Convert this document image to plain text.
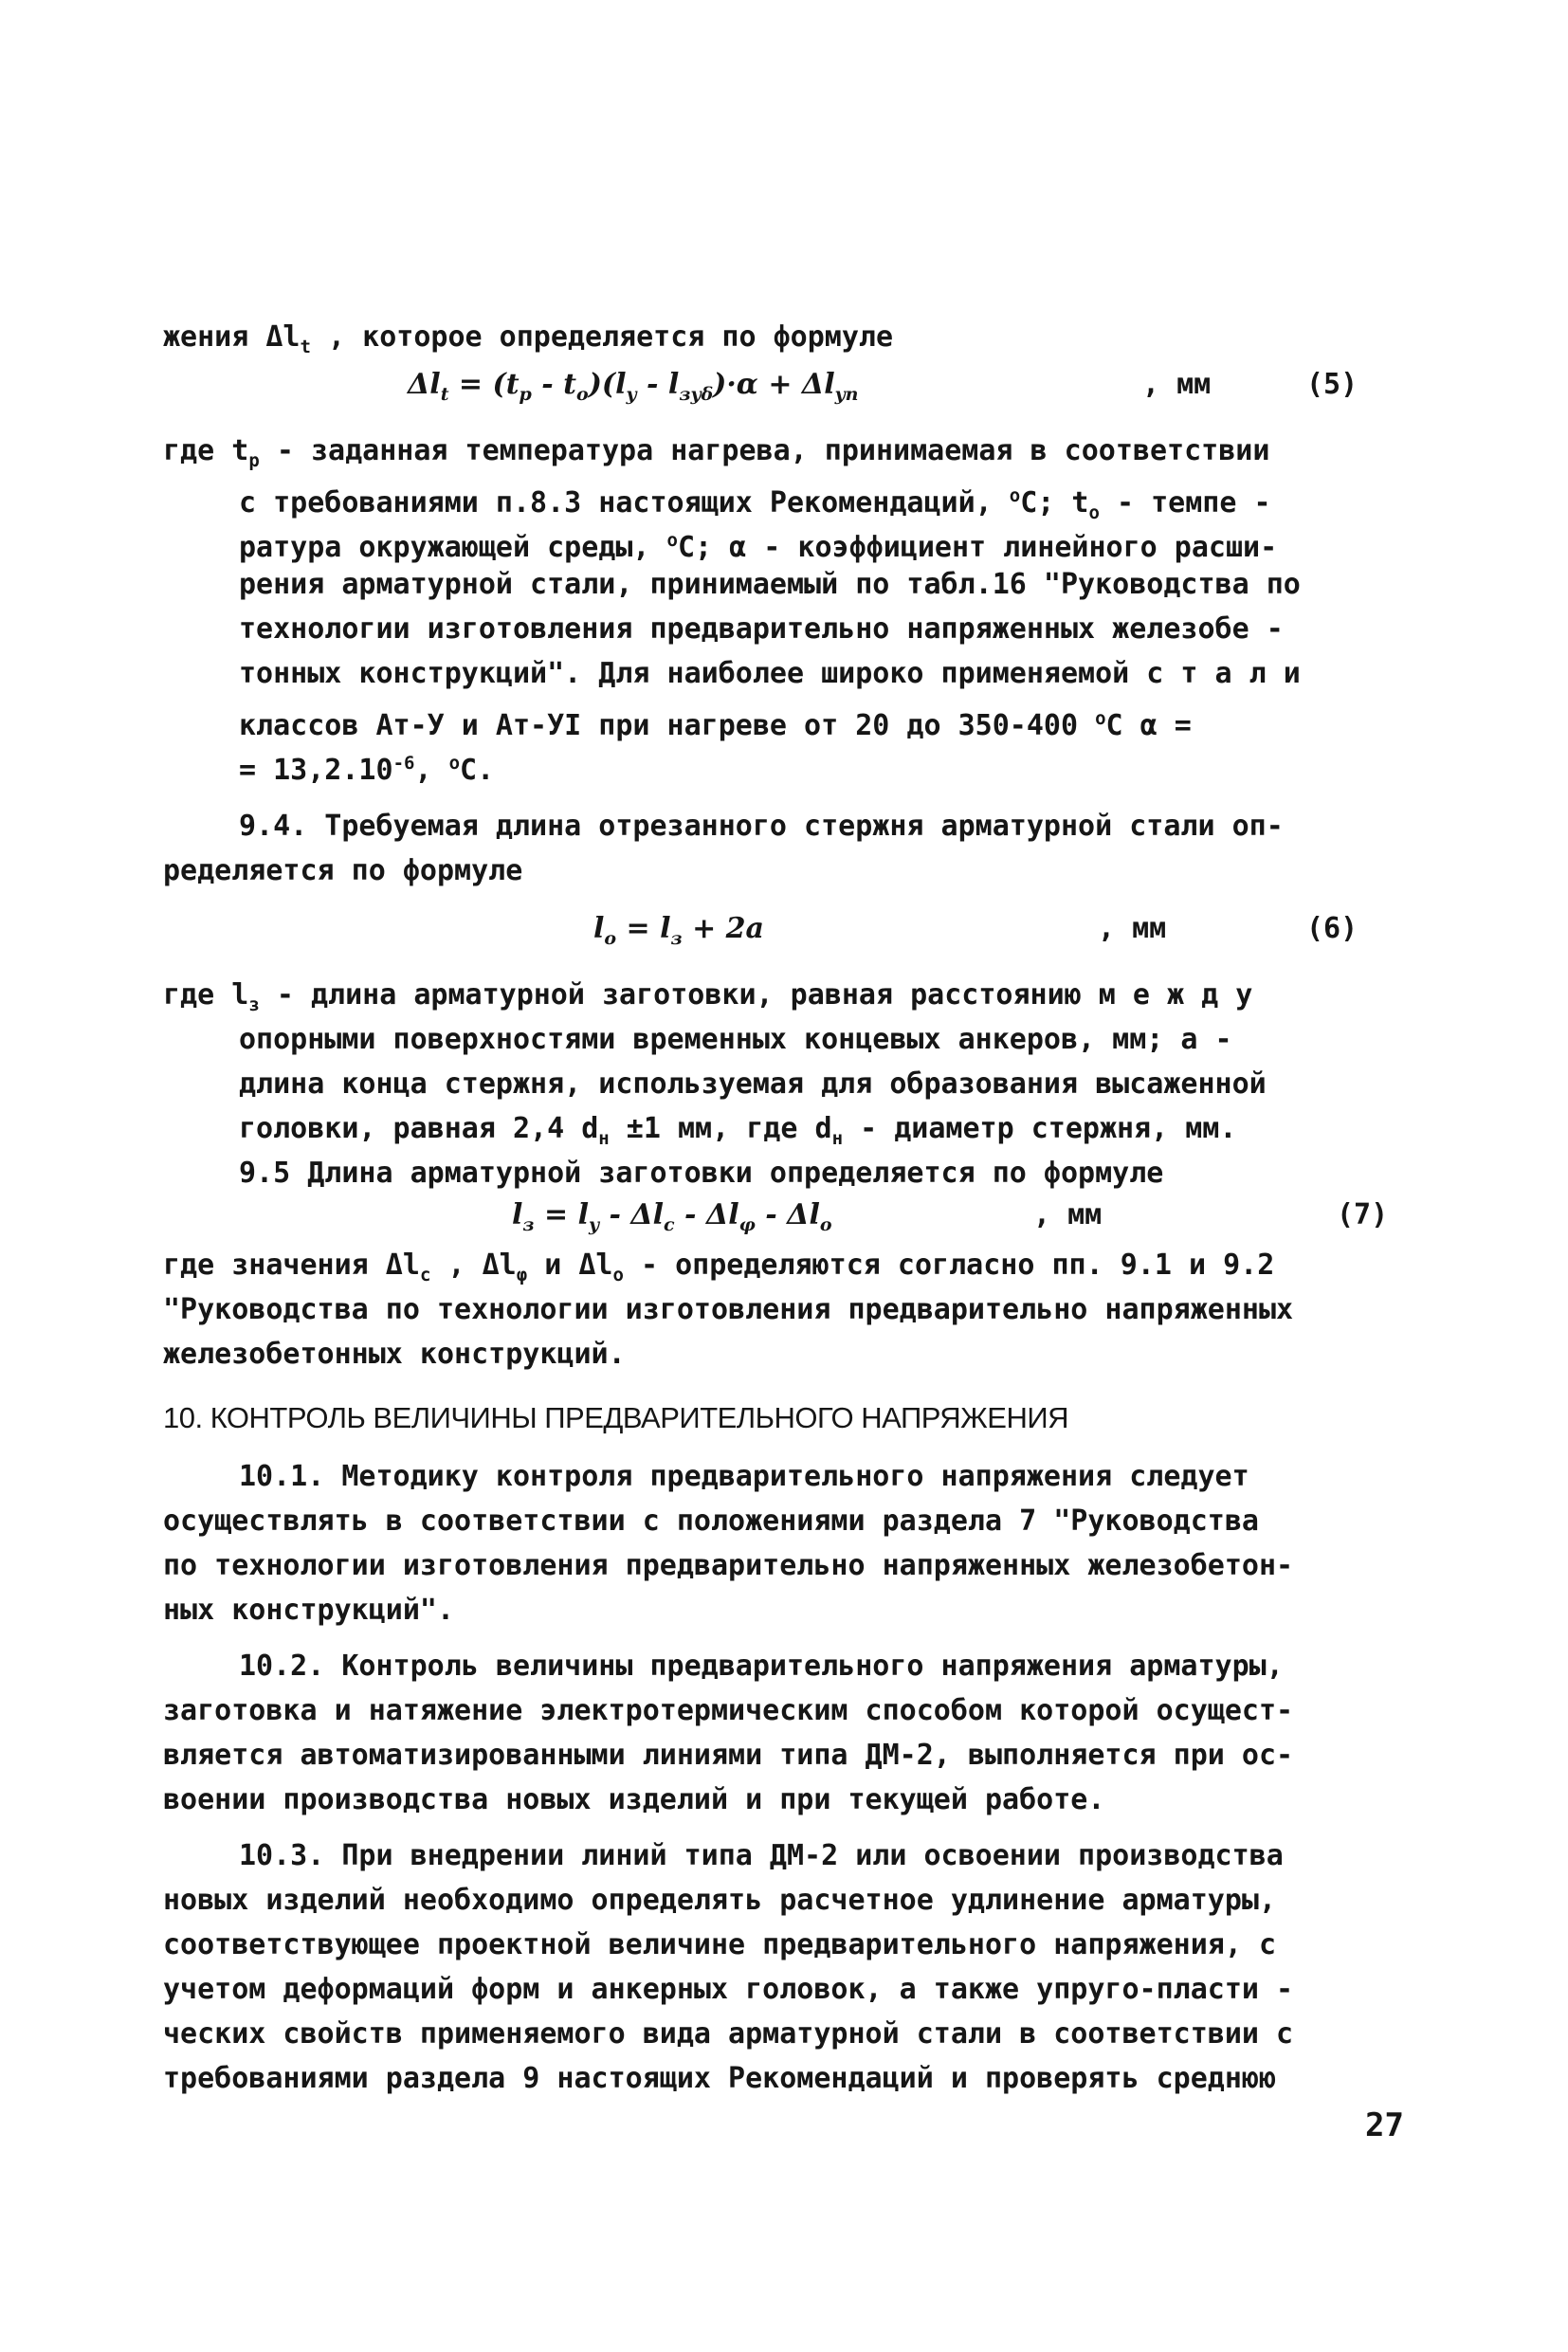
жения $\Delta l_t$ , которое определяется по формуле
$\Delta l_t = (t_p - t_o)(l_y - l_{зy\delta})\cdot\alpha + \Delta l_{yn}$	, мм	(5)
где $t_p$ - заданная температура нагрева, принимаемая в соответствии
с требованиями п.8.3 настоящих Рекомендаций, $^o$C; $t_o$ - темпе -
ратура окружающей среды, $^o$C; α - коэффициент линейного расши-
рения арматурной стали, принимаемый по табл.16 "Руководства по
технологии изготовления предварительно напряженных железобе -
тонных конструкций". Для наиболее широко применяемой с т а л и
классов Ат-У и Ат-УI при нагреве от 20 до 350-400 $^o$C α =
= $13,2.10^{-6}$, $^o$C.
9.4. Требуемая длина отрезанного стержня арматурной стали оп-
ределяется по формуле
$l_o = l_з + 2a$	, мм	(6)
где $l_з$ - длина арматурной заготовки, равная расстоянию м е ж д у
опорными поверхностями временных концевых анкеров, мм; a -
длина конца стержня, используемая для образования высаженной
головки, равная 2,4 $d_н \pm 1$ мм, где $d_н$ - диаметр стержня, мм.
9.5 Длина арматурной заготовки определяется по формуле
$l_з = l_y - \Delta l_c - \Delta l_\varphi - \Delta l_o$	, мм	(7)
где значения $\Delta l_c$ , $\Delta l_\varphi$ и $\Delta l_o$ - определяются согласно пп. 9.1 и 9.2
"Руководства по технологии изготовления предварительно напряженных
железобетонных конструкций.
10. КОНТРОЛЬ ВЕЛИЧИНЫ ПРЕДВАРИТЕЛЬНОГО НАПРЯЖЕНИЯ
10.1. Методику контроля предварительного напряжения следует
осуществлять в соответствии с положениями раздела 7 "Руководства
по технологии изготовления предварительно напряженных железобетон-
ных конструкций".
10.2. Контроль величины предварительного напряжения арматуры,
заготовка и натяжение электротермическим способом которой осущест-
вляется автоматизированными линиями типа ДМ-2, выполняется при ос-
воении производства новых изделий и при текущей работе.
10.3. При внедрении линий типа ДМ-2 или освоении производства
новых изделий необходимо определять расчетное удлинение арматуры,
соответствующее проектной величине предварительного напряжения, с
учетом деформаций форм и анкерных головок, а также упруго-пласти -
ческих свойств применяемого вида арматурной стали в соответствии с
требованиями раздела 9 настоящих Рекомендаций и проверять среднюю
27
